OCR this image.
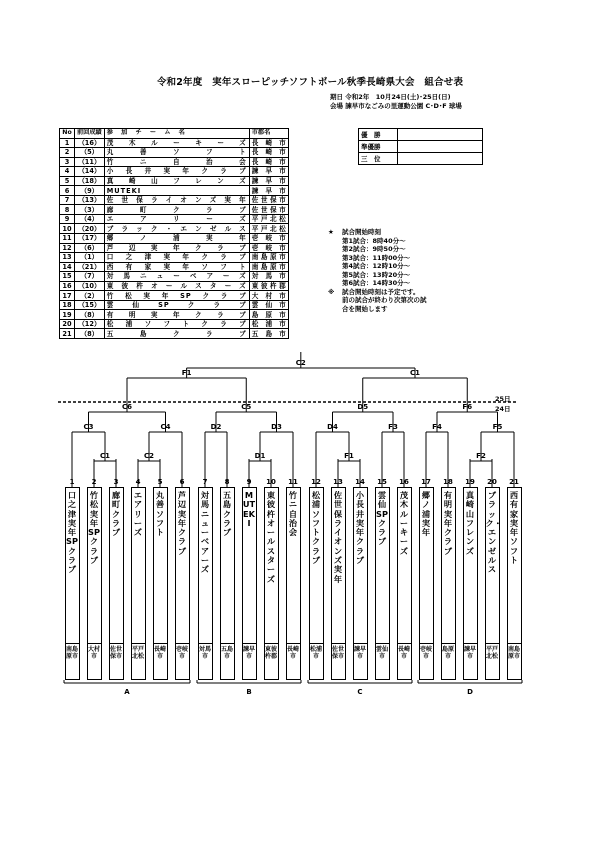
令和2年度　実年スローピッチソフトボール秋季長崎県大会　組合せ表
期日 令和2年　10月24日(土)･25日(日)
会場 諫早市なごみの里運動公園 C･D･F 球場
No	前回成績	参　加　チ　ー　ム　名	市郡名
1	（16）	茂木ルーキーズ	長崎市
2	（5）	丸善ソフト	長崎市
3	（11）	竹ニ自治会	長崎市
4	（14）	小長井実年クラブ	諫早市
5	（18）	真崎山フレンズ	諫早市
6	（9）	MUTEKI	諫早市
7	（13）	佐世保ライオンズ実年	佐世保市
8	（3）	廊町クラブ	佐世保市
9	（4）	エアリーズ	平戸北松
10	（20）	ブラック・エンゼルス	平戸北松
11	（17）	郷ノ浦実年	壱岐市
12	（6）	芦辺実年クラブ	壱岐市
13	（1）	口之津実年クラブ	南島原市
14	（21）	西有家実年ソフト	南島原市
15	（7）	対馬ニューベアーズ	対馬市
16	（10）	東彼杵オールスターズ	東彼杵郡
17	（2）	竹松実年SPクラブ	大村市
18	（15）	雲仙SPクラブ	雲仙市
19	（8）	有明実年クラブ	島原市
20	（12）	松浦ソフトクラブ	松浦市
21	（8）	五島クラブ	五島市
優　勝	
準優勝	
三　位	
★ 試合開始時刻
第1試合：8時40分～
第2試合：9時50分～
第3試合：11時00分～
第4試合：12時10分～
第5試合：13時20分～
第6試合：14時30分～
※ 試合開始時刻は予定です。
前の試合が終わり次第次の試
合を開始します
25日
24日
C2
F1	C1
C6	C5	D5	F6
C3	C4	D2	D3	D4	F3	F4	F5
C1	C2	D1	F1	F2
1
口之津実年SPクラブ
南島原市
2
竹松実年SPクラブ
大村市
3
廊町クラブ
佐世保市
4
エアリーズ
平戸北松
5
丸善ソフト
長崎市
6
芦辺実年クラブ
壱岐市
7
対馬ニューベアーズ
対馬市
8
五島クラブ
五島市
9
MUTEKI
諫早市
10
東彼杵オールスターズ
東彼杵郡
11
竹ニ自治会
長崎市
12
松浦ソフトクラブ
松浦市
13
佐世保ライオンズ実年
佐世保市
14
小長井実年クラブ
諫早市
15
雲仙SPクラブ
雲仙市
16
茂木ルーキーズ
長崎市
17
郷ノ浦実年
壱岐市
18
有明実年クラブ
島原市
19
真崎山フレンズ
諫早市
20
ブラック・エンゼルス
平戸北松
21
西有家実年ソフト
南島原市
A	B	C	D
